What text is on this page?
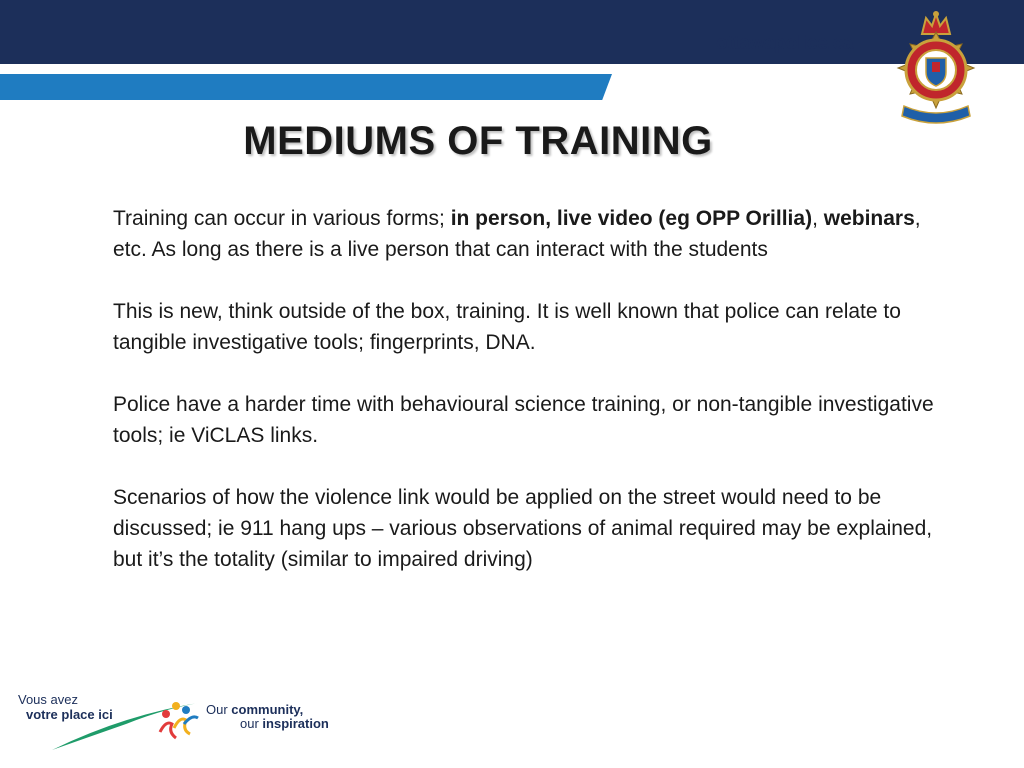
ottawapolice.ca
MEDIUMS OF TRAINING

Training can occur in various forms; in person, live video (eg OPP Orillia), webinars, etc. As long as there is a live person that can interact with the students

This is new, think outside of the box, training. It is well known that police can relate to tangible investigative tools; fingerprints, DNA.

Police have a harder time with behavioural science training, or non-tangible investigative tools; ie ViCLAS links.

Scenarios of how the violence link would be applied on the street would need to be discussed; ie 911 hang ups – various observations of animal required may be explained, but it’s the totality (similar to impaired driving)

Vous avez
votre place ici	Our community,
our inspiration
